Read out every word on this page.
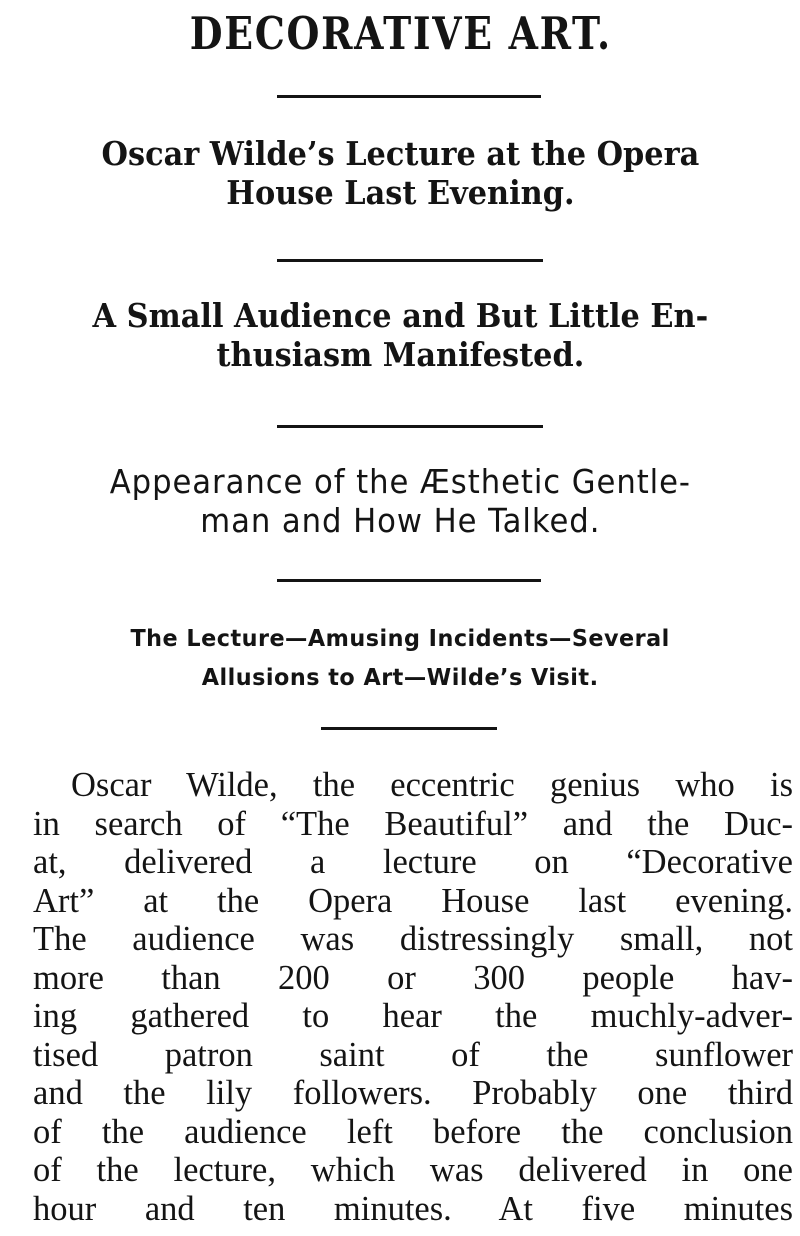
DECORATIVE ART.
Oscar Wilde’s Lecture at the Opera
House Last Evening.
A Small Audience and But Little En-
thusiasm Manifested.
Appearance of the Æsthetic Gentle-
man and How He Talked.
The Lecture—Amusing Incidents—Several
Allusions to Art—Wilde’s Visit.
Oscar Wilde, the eccentric genius who is
in search of “The Beautiful” and the Duc-
at, delivered a lecture on “Decorative
Art” at the Opera House last evening.
The audience was distressingly small, not
more than 200 or 300 people hav-
ing gathered to hear the muchly-adver-
tised patron saint of the sunflower
and the lily followers. Probably one third
of the audience left before the conclusion
of the lecture, which was delivered in one
hour and ten minutes. At five minutes
